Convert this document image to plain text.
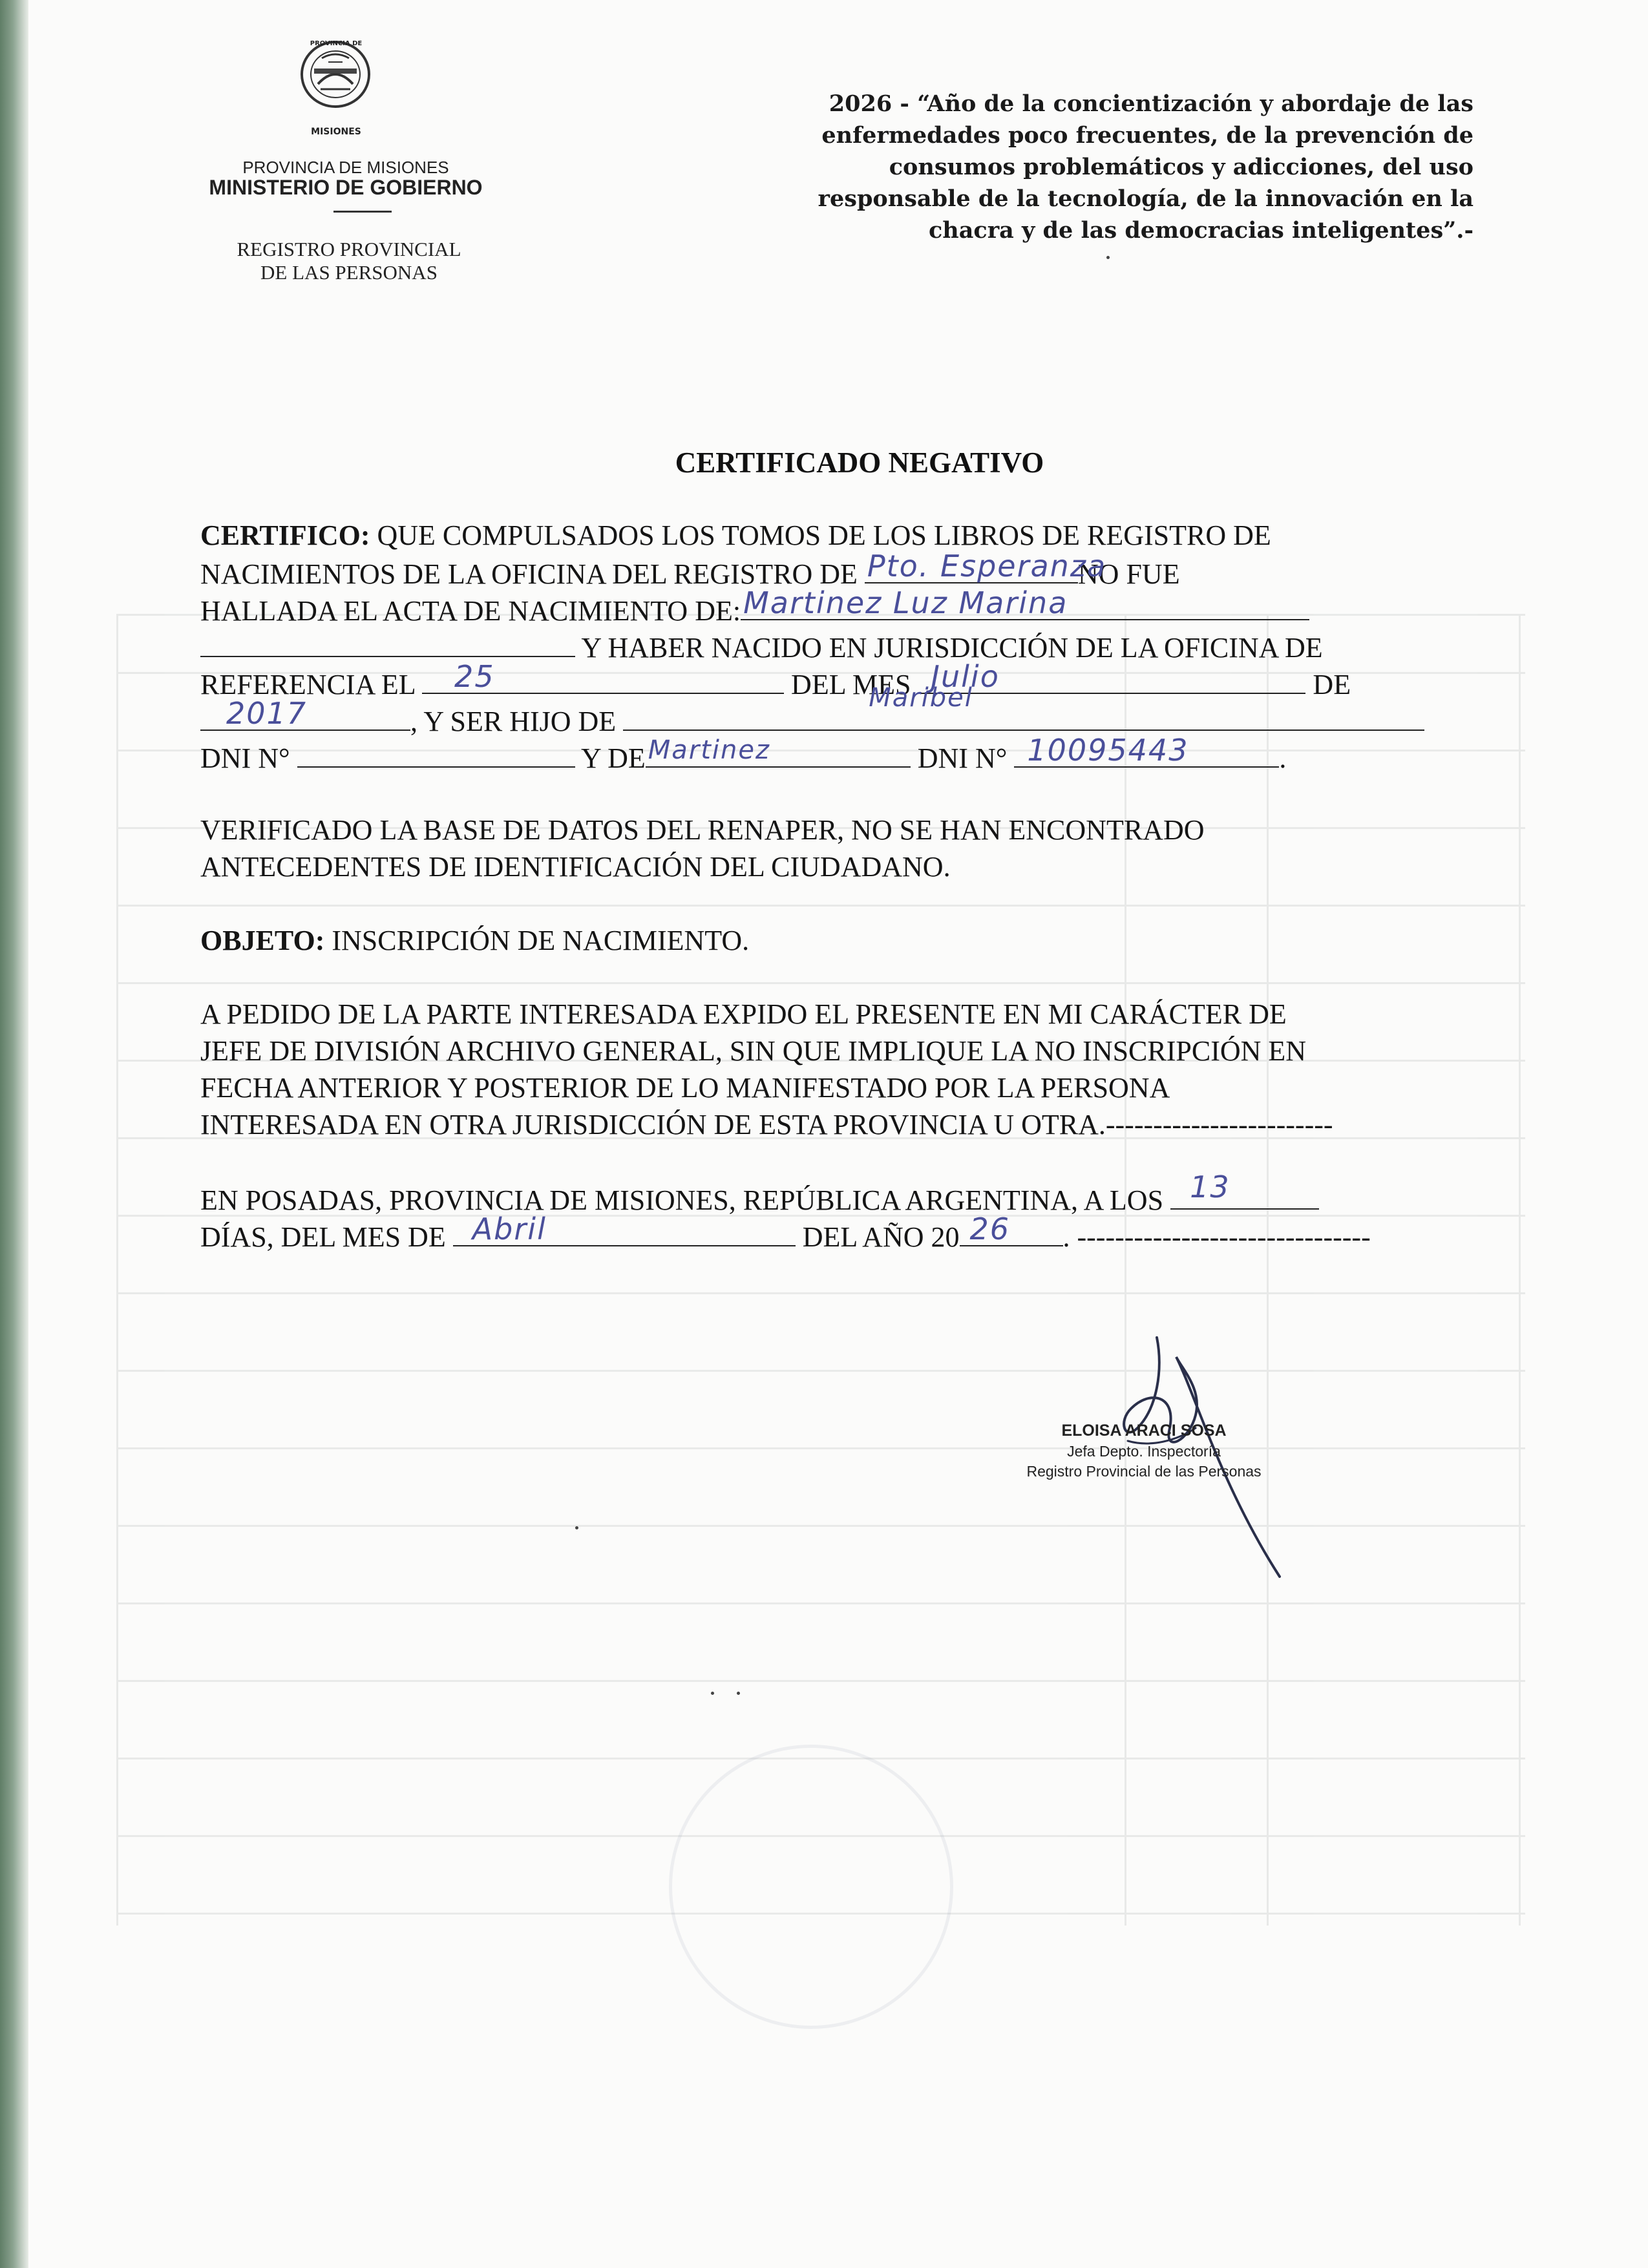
PROVINCIA DE
MISIONES
PROVINCIA DE MISIONES
MINISTERIO DE GOBIERNO
REGISTRO PROVINCIAL
DE LAS PERSONAS
2026 - “Año de la concientización y abordaje de las
enfermedades poco frecuentes, de la prevención de
consumos problemáticos y adicciones, del uso
responsable de la tecnología, de la innovación en la
chacra y de las democracias inteligentes”.-
CERTIFICADO NEGATIVO
CERTIFICO: QUE COMPULSADOS LOS TOMOS DE LOS LIBROS DE REGISTRO DE
NACIMIENTOS DE LA OFICINA DEL REGISTRO DE Pto. Esperanza
NO FUE
HALLADA EL ACTA DE NACIMIENTO DE: Martinez Luz Marina
Y HABER NACIDO EN JURISDICCIÓN DE LA OFICINA DE
REFERENCIA EL 25	DEL MES Julio	DE
2017	, Y SER HIJO DE
Maribel
DNI N°	Y DE Martinez	DNI N° 10095443	.
VERIFICADO LA BASE DE DATOS DEL RENAPER, NO SE HAN ENCONTRADO
ANTECEDENTES DE IDENTIFICACIÓN DEL CIUDADANO.
OBJETO: INSCRIPCIÓN DE NACIMIENTO.
A PEDIDO DE LA PARTE INTERESADA EXPIDO EL PRESENTE EN MI CARÁCTER DE
JEFE DE DIVISIÓN ARCHIVO GENERAL, SIN QUE IMPLIQUE LA NO INSCRIPCIÓN EN
FECHA ANTERIOR Y POSTERIOR DE LO MANIFESTADO POR LA PERSONA
INTERESADA EN OTRA JURISDICCIÓN DE ESTA PROVINCIA U OTRA.------------------------
EN POSADAS, PROVINCIA DE MISIONES, REPÚBLICA ARGENTINA, A LOS 13
DÍAS, DEL MES DE Abril	DEL AÑO 20 26 . -------------------------------
ELOISA ARACI SOSA
Jefa Depto. Inspectoría
Registro Provincial de las Personas
